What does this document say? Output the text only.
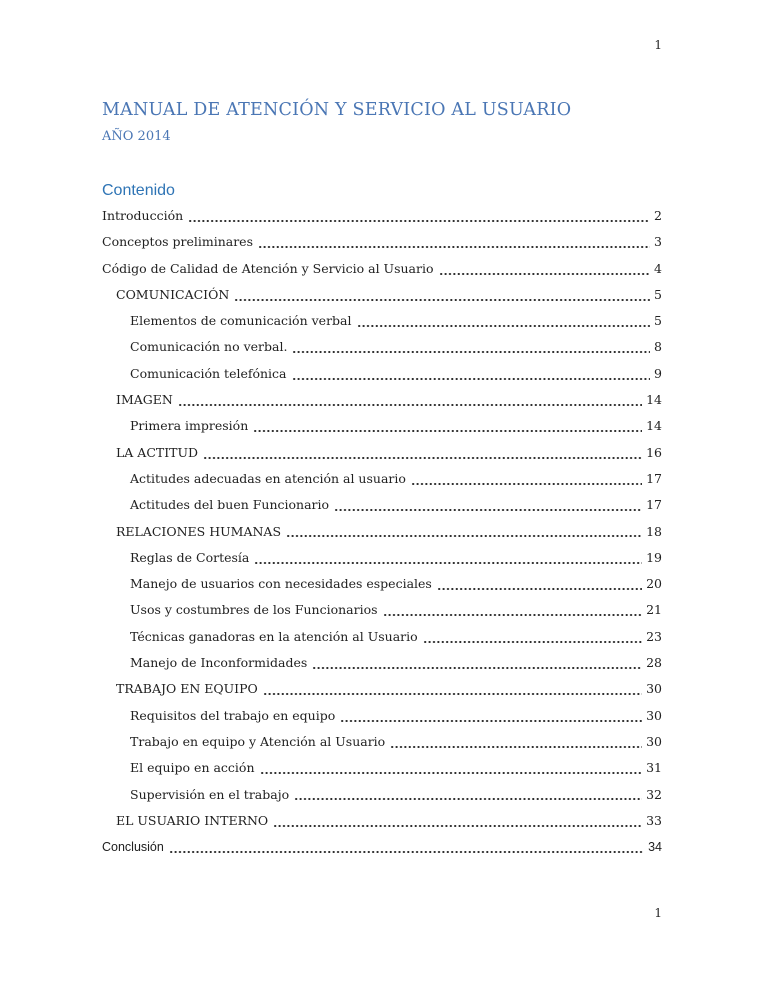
1
MANUAL DE ATENCIÓN Y SERVICIO AL USUARIO
AÑO 2014
Contenido
Introducción	2
Conceptos preliminares	3
Código de Calidad de Atención y Servicio al Usuario	4
COMUNICACIÓN	5
Elementos de comunicación verbal	5
Comunicación no verbal.	8
Comunicación telefónica	9
IMAGEN	14
Primera impresión	14
LA ACTITUD	16
Actitudes adecuadas en atención al usuario	17
Actitudes del buen Funcionario	17
RELACIONES HUMANAS	18
Reglas de Cortesía	19
Manejo de usuarios con necesidades especiales	20
Usos y costumbres de los Funcionarios	21
Técnicas ganadoras en la atención al Usuario	23
Manejo de Inconformidades	28
TRABAJO EN EQUIPO	30
Requisitos del trabajo en equipo	30
Trabajo en equipo y Atención al Usuario	30
El equipo en acción	31
Supervisión en el trabajo	32
EL USUARIO INTERNO	33
Conclusión	34
1
